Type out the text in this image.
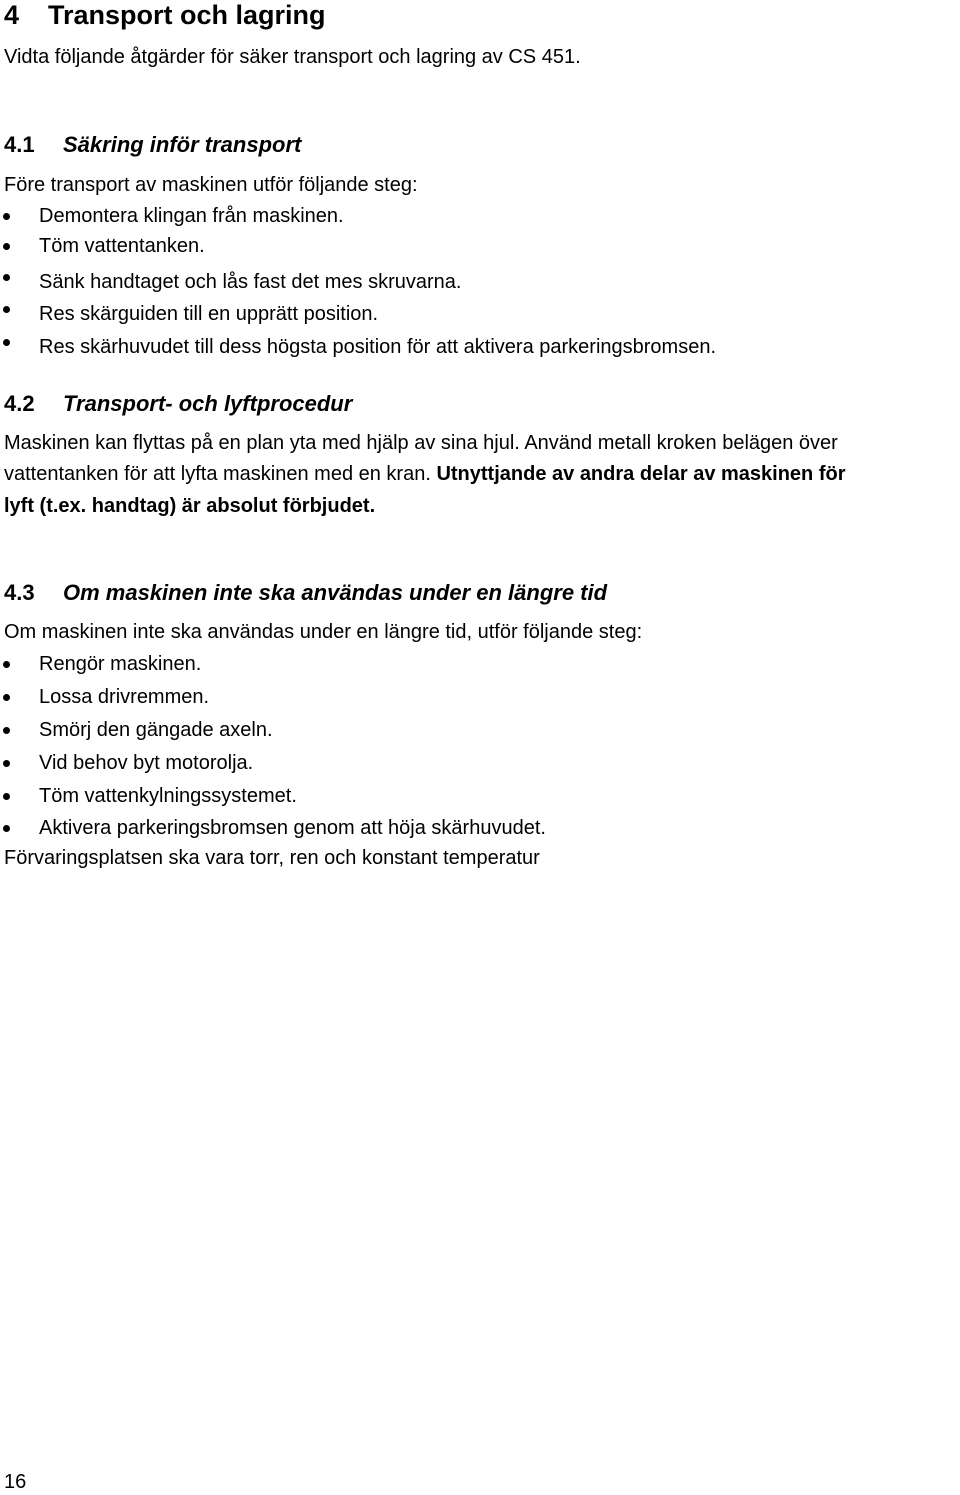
4 Transport och lagring
Vidta följande åtgärder för säker transport och lagring av CS 451.
4.1 Säkring inför transport
Före transport av maskinen utför följande steg:
Demontera klingan från maskinen.
Töm vattentanken.
Sänk handtaget och lås fast det mes skruvarna.
Res skärguiden till en upprätt position.
Res skärhuvudet till dess högsta position för att aktivera parkeringsbromsen.
4.2 Transport- och lyftprocedur
Maskinen kan flyttas på en plan yta med hjälp av sina hjul. Använd metall kroken belägen över
vattentanken för att lyfta maskinen med en kran. Utnyttjande av andra delar av maskinen för
lyft (t.ex. handtag) är absolut förbjudet.
4.3 Om maskinen inte ska användas under en längre tid
Om maskinen inte ska användas under en längre tid, utför följande steg:
Rengör maskinen.
Lossa drivremmen.
Smörj den gängade axeln.
Vid behov byt motorolja.
Töm vattenkylningssystemet.
Aktivera parkeringsbromsen genom att höja skärhuvudet.
Förvaringsplatsen ska vara torr, ren och konstant temperatur
16
